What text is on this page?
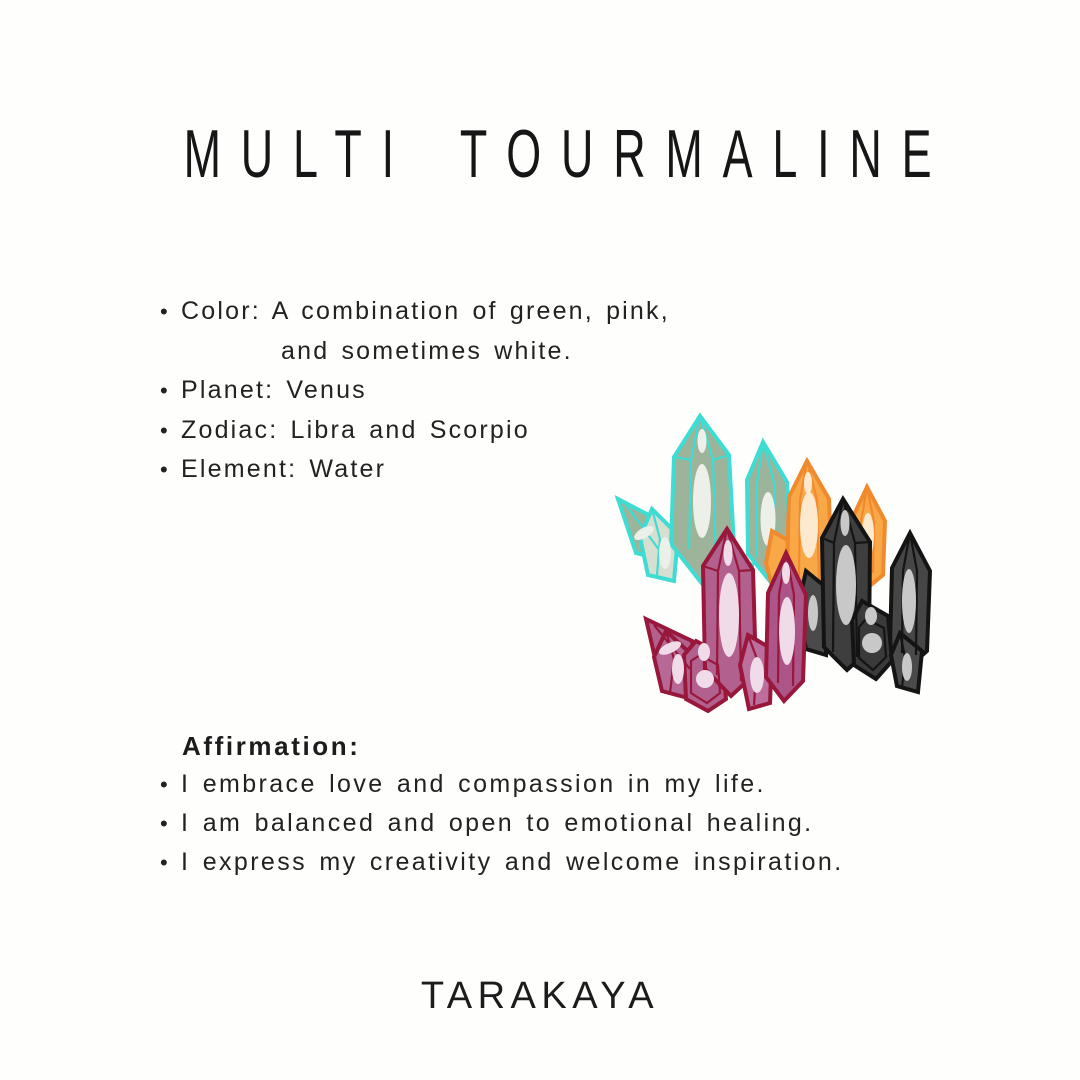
MULTI TOURMALINE
• Color: A combination of green, pink,
and sometimes white.
• Planet: Venus
• Zodiac: Libra and Scorpio
• Element: Water
Affirmation:
• I embrace love and compassion in my life.
• I am balanced and open to emotional healing.
• I express my creativity and welcome inspiration.
TARAKAYA
